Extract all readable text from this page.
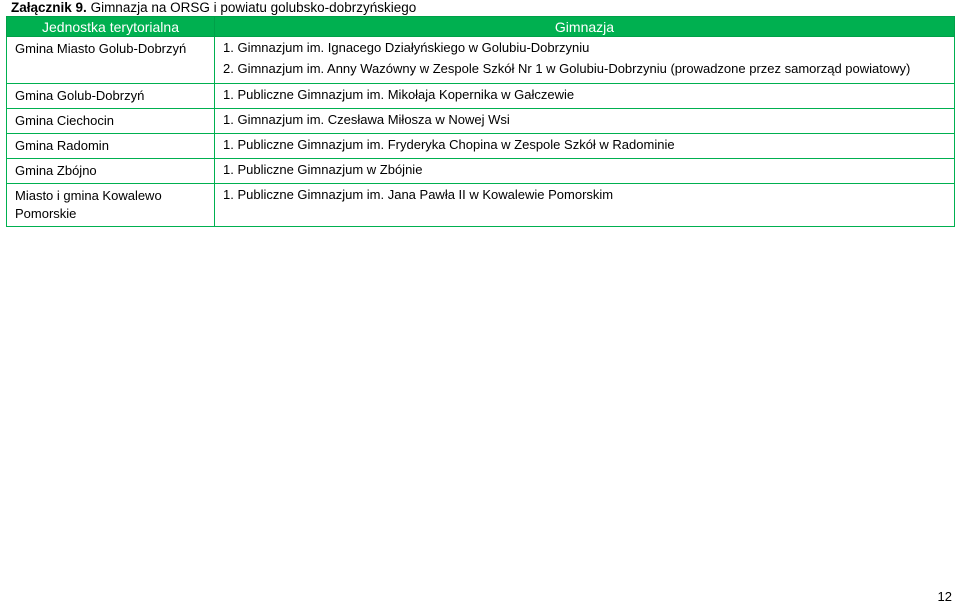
Załącznik 9. Gimnazja na ORSG i powiatu golubsko-dobrzyńskiego
Jednostka terytorialna	Gimnazja
Gmina Miasto Golub-Dobrzyń	1. Gimnazjum im. Ignacego Działyńskiego w Golubiu-Dobrzyniu
2. Gimnazjum im. Anny Wazówny w Zespole Szkół Nr 1 w Golubiu-Dobrzyniu (prowadzone przez samorząd powiatowy)

Gmina Golub-Dobrzyń	1. Publiczne Gimnazjum im. Mikołaja Kopernika w Gałczewie

Gmina Ciechocin	1. Gimnazjum im. Czesława Miłosza w Nowej Wsi

Gmina Radomin	1. Publiczne Gimnazjum im. Fryderyka Chopina w Zespole Szkół w Radominie

Gmina Zbójno	1. Publiczne Gimnazjum w Zbójnie

Miasto i gmina Kowalewo Pomorskie	1. Publiczne Gimnazjum im. Jana Pawła II w Kowalewie Pomorskim
12
